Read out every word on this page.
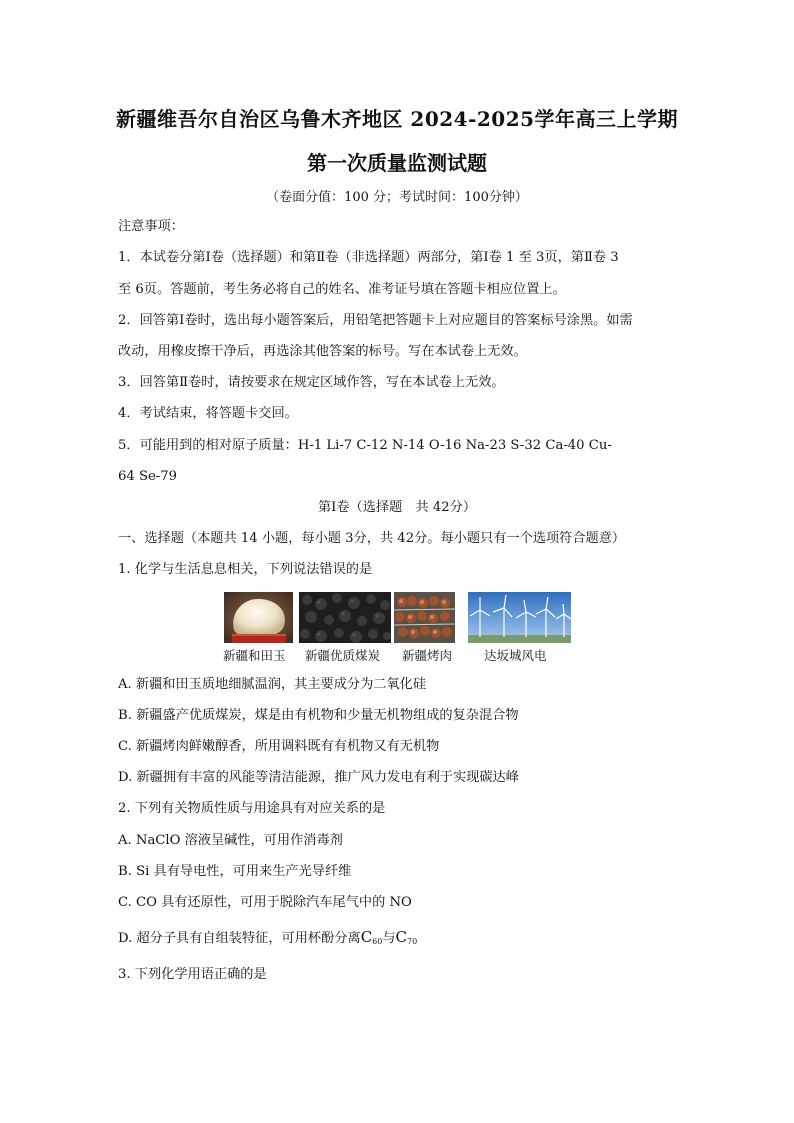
新疆维吾尔自治区乌鲁木齐地区 2024-2025学年高三上学期
第一次质量监测试题
（卷面分值：100 分；考试时间：100分钟）
注意事项：
1．本试卷分第Ⅰ卷（选择题）和第Ⅱ卷（非选择题）两部分，第Ⅰ卷 1 至 3页，第Ⅱ卷 3
至 6页。答题前，考生务必将自己的姓名、准考证号填在答题卡相应位置上。
2．回答第Ⅰ卷时，选出每小题答案后，用铅笔把答题卡上对应题目的答案标号涂黑。如需
改动，用橡皮擦干净后，再选涂其他答案的标号。写在本试卷上无效。
3．回答第Ⅱ卷时，请按要求在规定区域作答，写在本试卷上无效。
4．考试结束，将答题卡交回。
5．可能用到的相对原子质量：H-1 Li-7 C-12 N-14 O-16 Na-23 S-32 Ca-40 Cu-
64 Se-79
第Ⅰ卷（选择题　共 42分）
一、选择题（本题共 14 小题，每小题 3分，共 42分。每小题只有一个选项符合题意）
1. 化学与生活息息相关，下列说法错误的是
新疆和田玉 新疆优质煤炭 新疆烤肉	达坂城风电
A. 新疆和田玉质地细腻温润，其主要成分为二氧化硅
B. 新疆盛产优质煤炭，煤是由有机物和少量无机物组成的复杂混合物
C. 新疆烤肉鲜嫩醇香，所用调料既有有机物又有无机物
D. 新疆拥有丰富的风能等清洁能源，推广风力发电有利于实现碳达峰
2. 下列有关物质性质与用途具有对应关系的是
A. NaClO 溶液呈碱性，可用作消毒剂
B. Si 具有导电性，可用来生产光导纤维
C. CO 具有还原性，可用于脱除汽车尾气中的 NO
D. 超分子具有自组装特征，可用杯酚分离$C_{60}$与$C_{70}$
3. 下列化学用语正确的是
